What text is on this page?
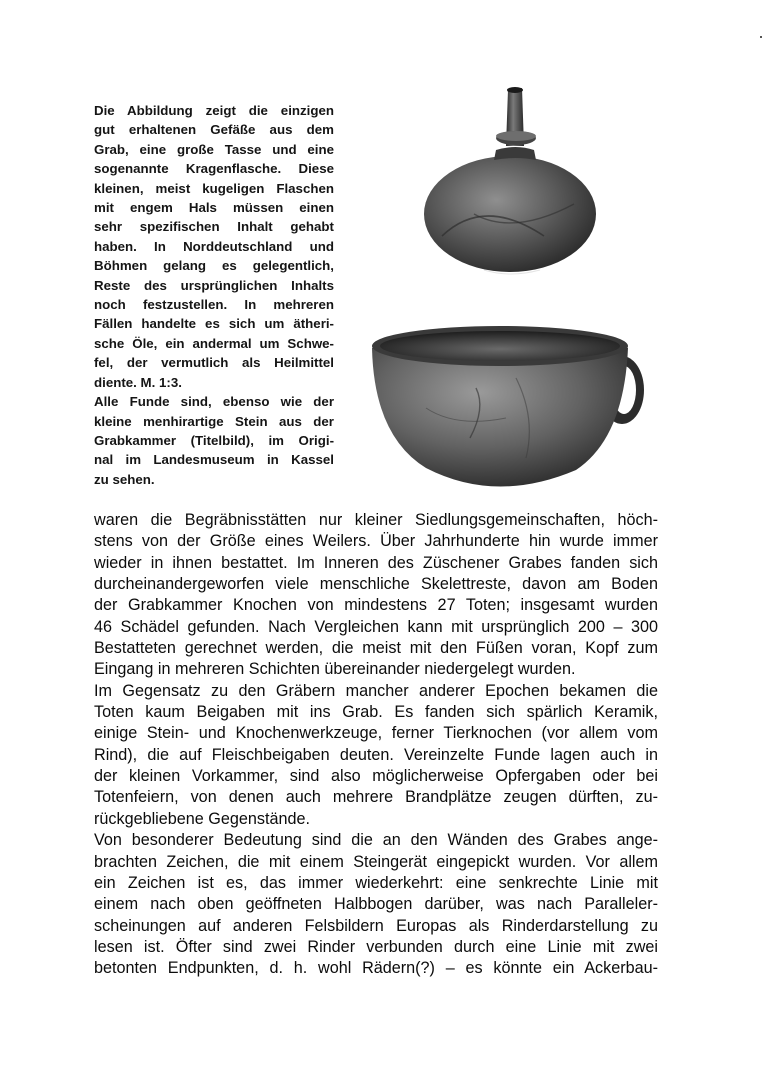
Die Abbildung zeigt die einzigen
gut erhaltenen Gefäße aus dem
Grab, eine große Tasse und eine
sogenannte Kragenflasche. Diese
kleinen, meist kugeligen Flaschen
mit engem Hals müssen einen
sehr spezifischen Inhalt gehabt
haben. In Norddeutschland und
Böhmen gelang es gelegentlich,
Reste des ursprünglichen Inhalts
noch festzustellen. In mehreren
Fällen handelte es sich um ätheri-
sche Öle, ein andermal um Schwe-
fel, der vermutlich als Heilmittel
diente. M. 1:3.
Alle Funde sind, ebenso wie der
kleine menhirartige Stein aus der
Grabkammer (Titelbild), im Origi-
nal im Landesmuseum in Kassel
zu sehen.
waren die Begräbnisstätten nur kleiner Siedlungsgemeinschaften, höch-
stens von der Größe eines Weilers. Über Jahrhunderte hin wurde immer
wieder in ihnen bestattet. Im Inneren des Züschener Grabes fanden sich
durcheinandergeworfen viele menschliche Skelettreste, davon am Boden
der Grabkammer Knochen von mindestens 27 Toten; insgesamt wurden
46 Schädel gefunden. Nach Vergleichen kann mit ursprünglich 200 – 300
Bestatteten gerechnet werden, die meist mit den Füßen voran, Kopf zum
Eingang in mehreren Schichten übereinander niedergelegt wurden.
Im Gegensatz zu den Gräbern mancher anderer Epochen bekamen die
Toten kaum Beigaben mit ins Grab. Es fanden sich spärlich Keramik,
einige Stein- und Knochenwerkzeuge, ferner Tierknochen (vor allem vom
Rind), die auf Fleischbeigaben deuten. Vereinzelte Funde lagen auch in
der kleinen Vorkammer, sind also möglicherweise Opfergaben oder bei
Totenfeiern, von denen auch mehrere Brandplätze zeugen dürften, zu-
rückgebliebene Gegenstände.
Von besonderer Bedeutung sind die an den Wänden des Grabes ange-
brachten Zeichen, die mit einem Steingerät eingepickt wurden. Vor allem
ein Zeichen ist es, das immer wiederkehrt: eine senkrechte Linie mit
einem nach oben geöffneten Halbbogen darüber, was nach Paralleler-
scheinungen auf anderen Felsbildern Europas als Rinderdarstellung zu
lesen ist. Öfter sind zwei Rinder verbunden durch eine Linie mit zwei
betonten Endpunkten, d. h. wohl Rädern(?) – es könnte ein Ackerbau-
